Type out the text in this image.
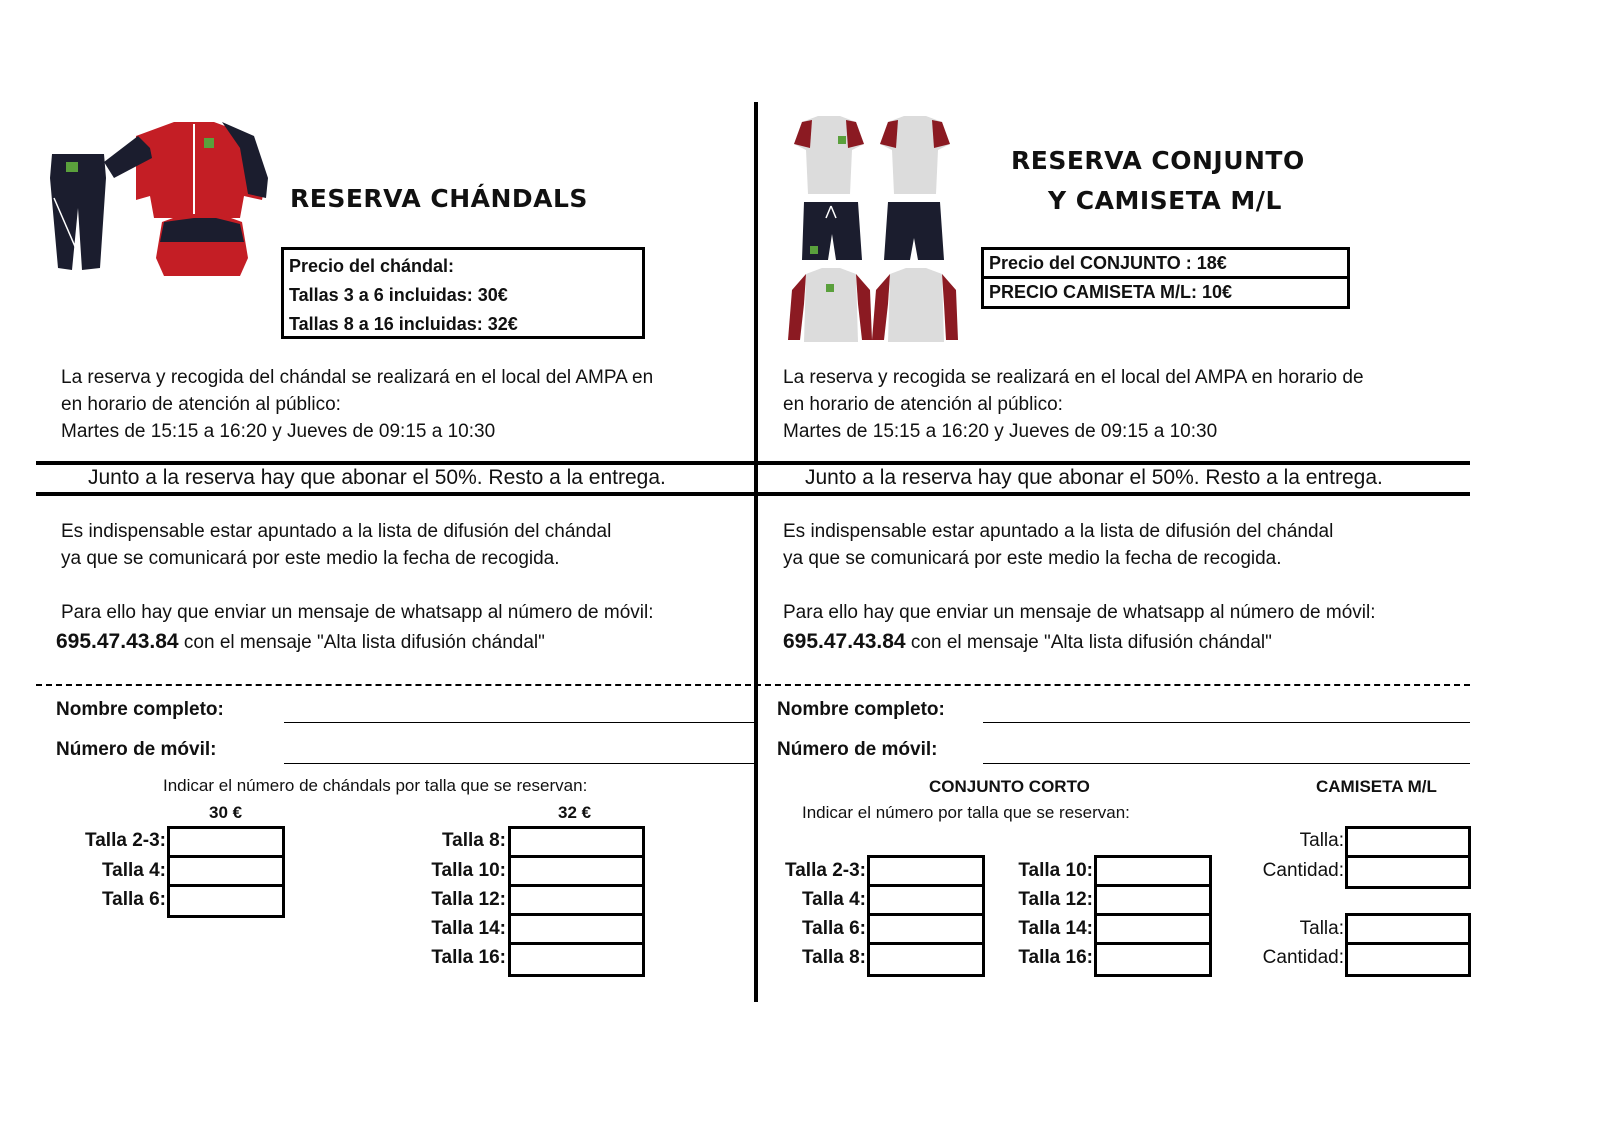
RESERVA CHÁNDALS
Precio del chándal:
Tallas 3 a 6 incluidas: 30€
Tallas 8 a 16 incluidas: 32€
La reserva y recogida del chándal se realizará en el local del AMPA en
en horario de atención al público:
Martes de 15:15 a 16:20 y Jueves de 09:15 a 10:30
Junto a la reserva hay que abonar el 50%. Resto a la entrega.
Es indispensable estar apuntado a la lista de difusión del chándal
ya que se comunicará por este medio la fecha de recogida.
Para ello hay que enviar un mensaje de whatsapp al número de móvil:
695.47.43.84 con el mensaje "Alta lista difusión chándal"
Nombre completo:
Número de móvil:
Indicar el número de chándals por talla que se reservan:
30 €	32 €
Talla 2-3:
Talla 4:
Talla 6:
Talla 8:
Talla 10:
Talla 12:
Talla 14:
Talla 16:
RESERVA CONJUNTO
Y CAMISETA M/L
Precio del CONJUNTO : 18€
PRECIO CAMISETA M/L: 10€
La reserva y recogida se realizará en el local del AMPA en horario de
en horario de atención al público:
Martes de 15:15 a 16:20 y Jueves de 09:15 a 10:30
Junto a la reserva hay que abonar el 50%. Resto a la entrega.
Es indispensable estar apuntado a la lista de difusión del chándal
ya que se comunicará por este medio la fecha de recogida.
Para ello hay que enviar un mensaje de whatsapp al número de móvil:
695.47.43.84 con el mensaje "Alta lista difusión chándal"
Nombre completo:
Número de móvil:
CONJUNTO CORTO	CAMISETA M/L
Indicar el número por talla que se reservan:
Talla 2-3:
Talla 4:
Talla 6:
Talla 8:
Talla 10:
Talla 12:
Talla 14:
Talla 16:
Talla:
Cantidad:
Talla:
Cantidad:
